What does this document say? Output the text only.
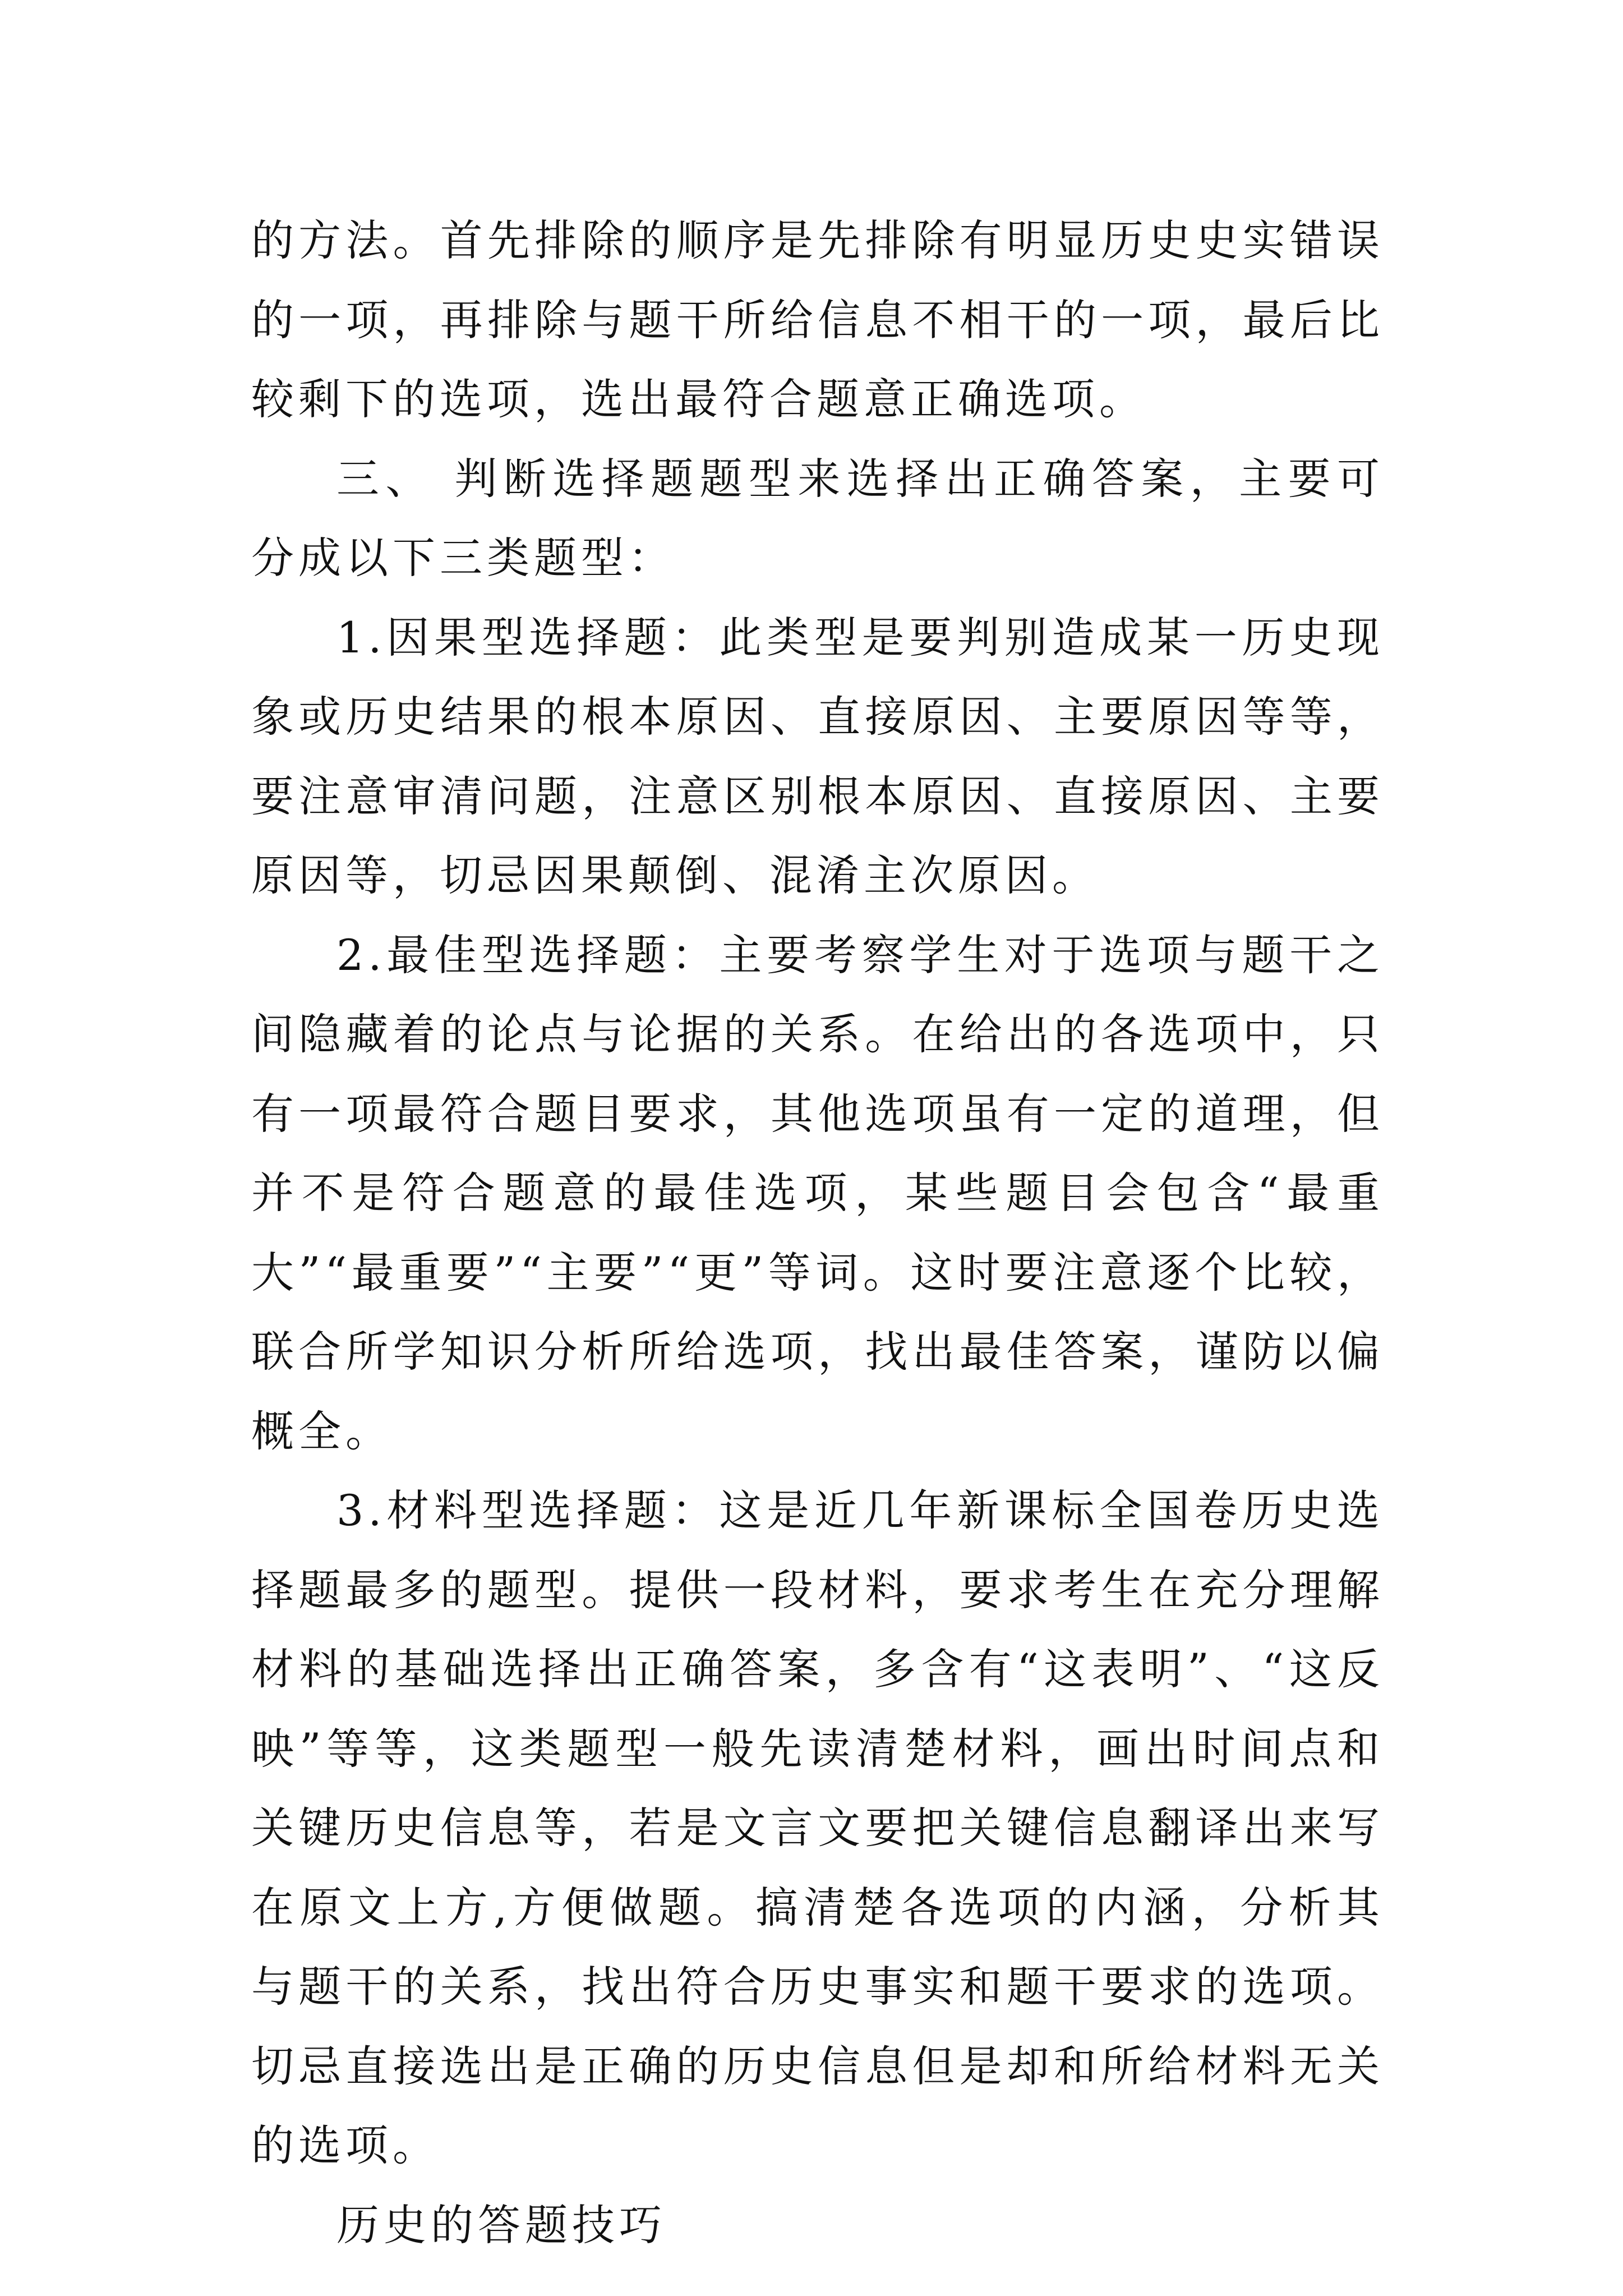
的方法。首先排除的顺序是先排除有明显历史史实错误的一项，再排除与题干所给信息不相干的一项，最后比较剩下的选项，选出最符合题意正确选项。

三、 判断选择题题型来选择出正确答案，主要可分成以下三类题型：

1.因果型选择题：此类型是要判别造成某一历史现象或历史结果的根本原因、直接原因、主要原因等等，要注意审清问题，注意区别根本原因、直接原因、主要原因等，切忌因果颠倒、混淆主次原因。

2.最佳型选择题：主要考察学生对于选项与题干之间隐藏着的论点与论据的关系。在给出的各选项中，只有一项最符合题目要求，其他选项虽有一定的道理，但并不是符合题意的最佳选项，某些题目会包含“最重大”“最重要”“主要”“更”等词。这时要注意逐个比较，联合所学知识分析所给选项，找出最佳答案，谨防以偏概全。

3.材料型选择题：这是近几年新课标全国卷历史选择题最多的题型。提供一段材料，要求考生在充分理解材料的基础选择出正确答案，多含有“这表明”、“这反映”等等，这类题型一般先读清楚材料，画出时间点和关键历史信息等，若是文言文要把关键信息翻译出来写在原文上方,方便做题。搞清楚各选项的内涵，分析其与题干的关系，找出符合历史事实和题干要求的选项。切忌直接选出是正确的历史信息但是却和所给材料无关的选项。

历史的答题技巧
